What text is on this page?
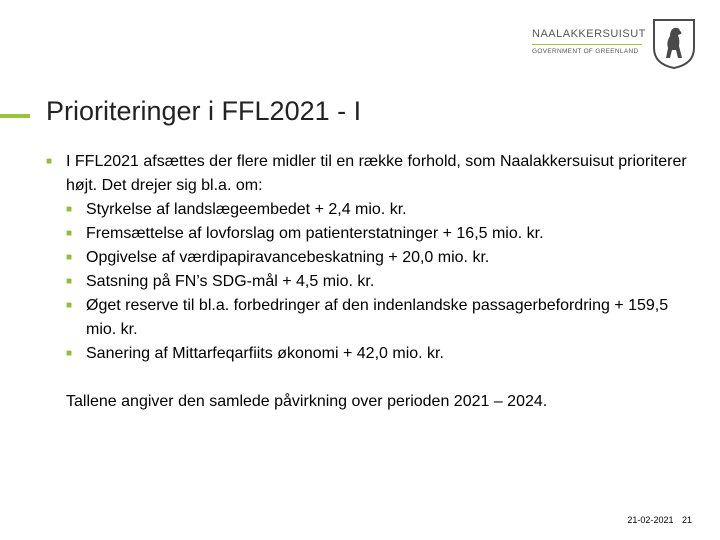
NAALAKKERSUISUT
GOVERNMENT OF GREENLAND
Prioriteringer i FFL2021 - I
■ I FFL2021 afsættes der flere midler til en række forhold, som Naalakkersuisut prioriterer højt. Det drejer sig bl.a. om:
■ Styrkelse af landslægeembedet + 2,4 mio. kr.
■ Fremsættelse af lovforslag om patienterstatninger + 16,5 mio. kr.
■ Opgivelse af værdipapiravancebeskatning + 20,0 mio. kr.
■ Satsning på FN’s SDG-mål + 4,5 mio. kr.
■ Øget reserve til bl.a. forbedringer af den indenlandske passagerbefordring + 159,5 mio. kr.
■ Sanering af Mittarfeqarfiits økonomi + 42,0 mio. kr.
Tallene angiver den samlede påvirkning over perioden 2021 – 2024.
21-02-2021 21
